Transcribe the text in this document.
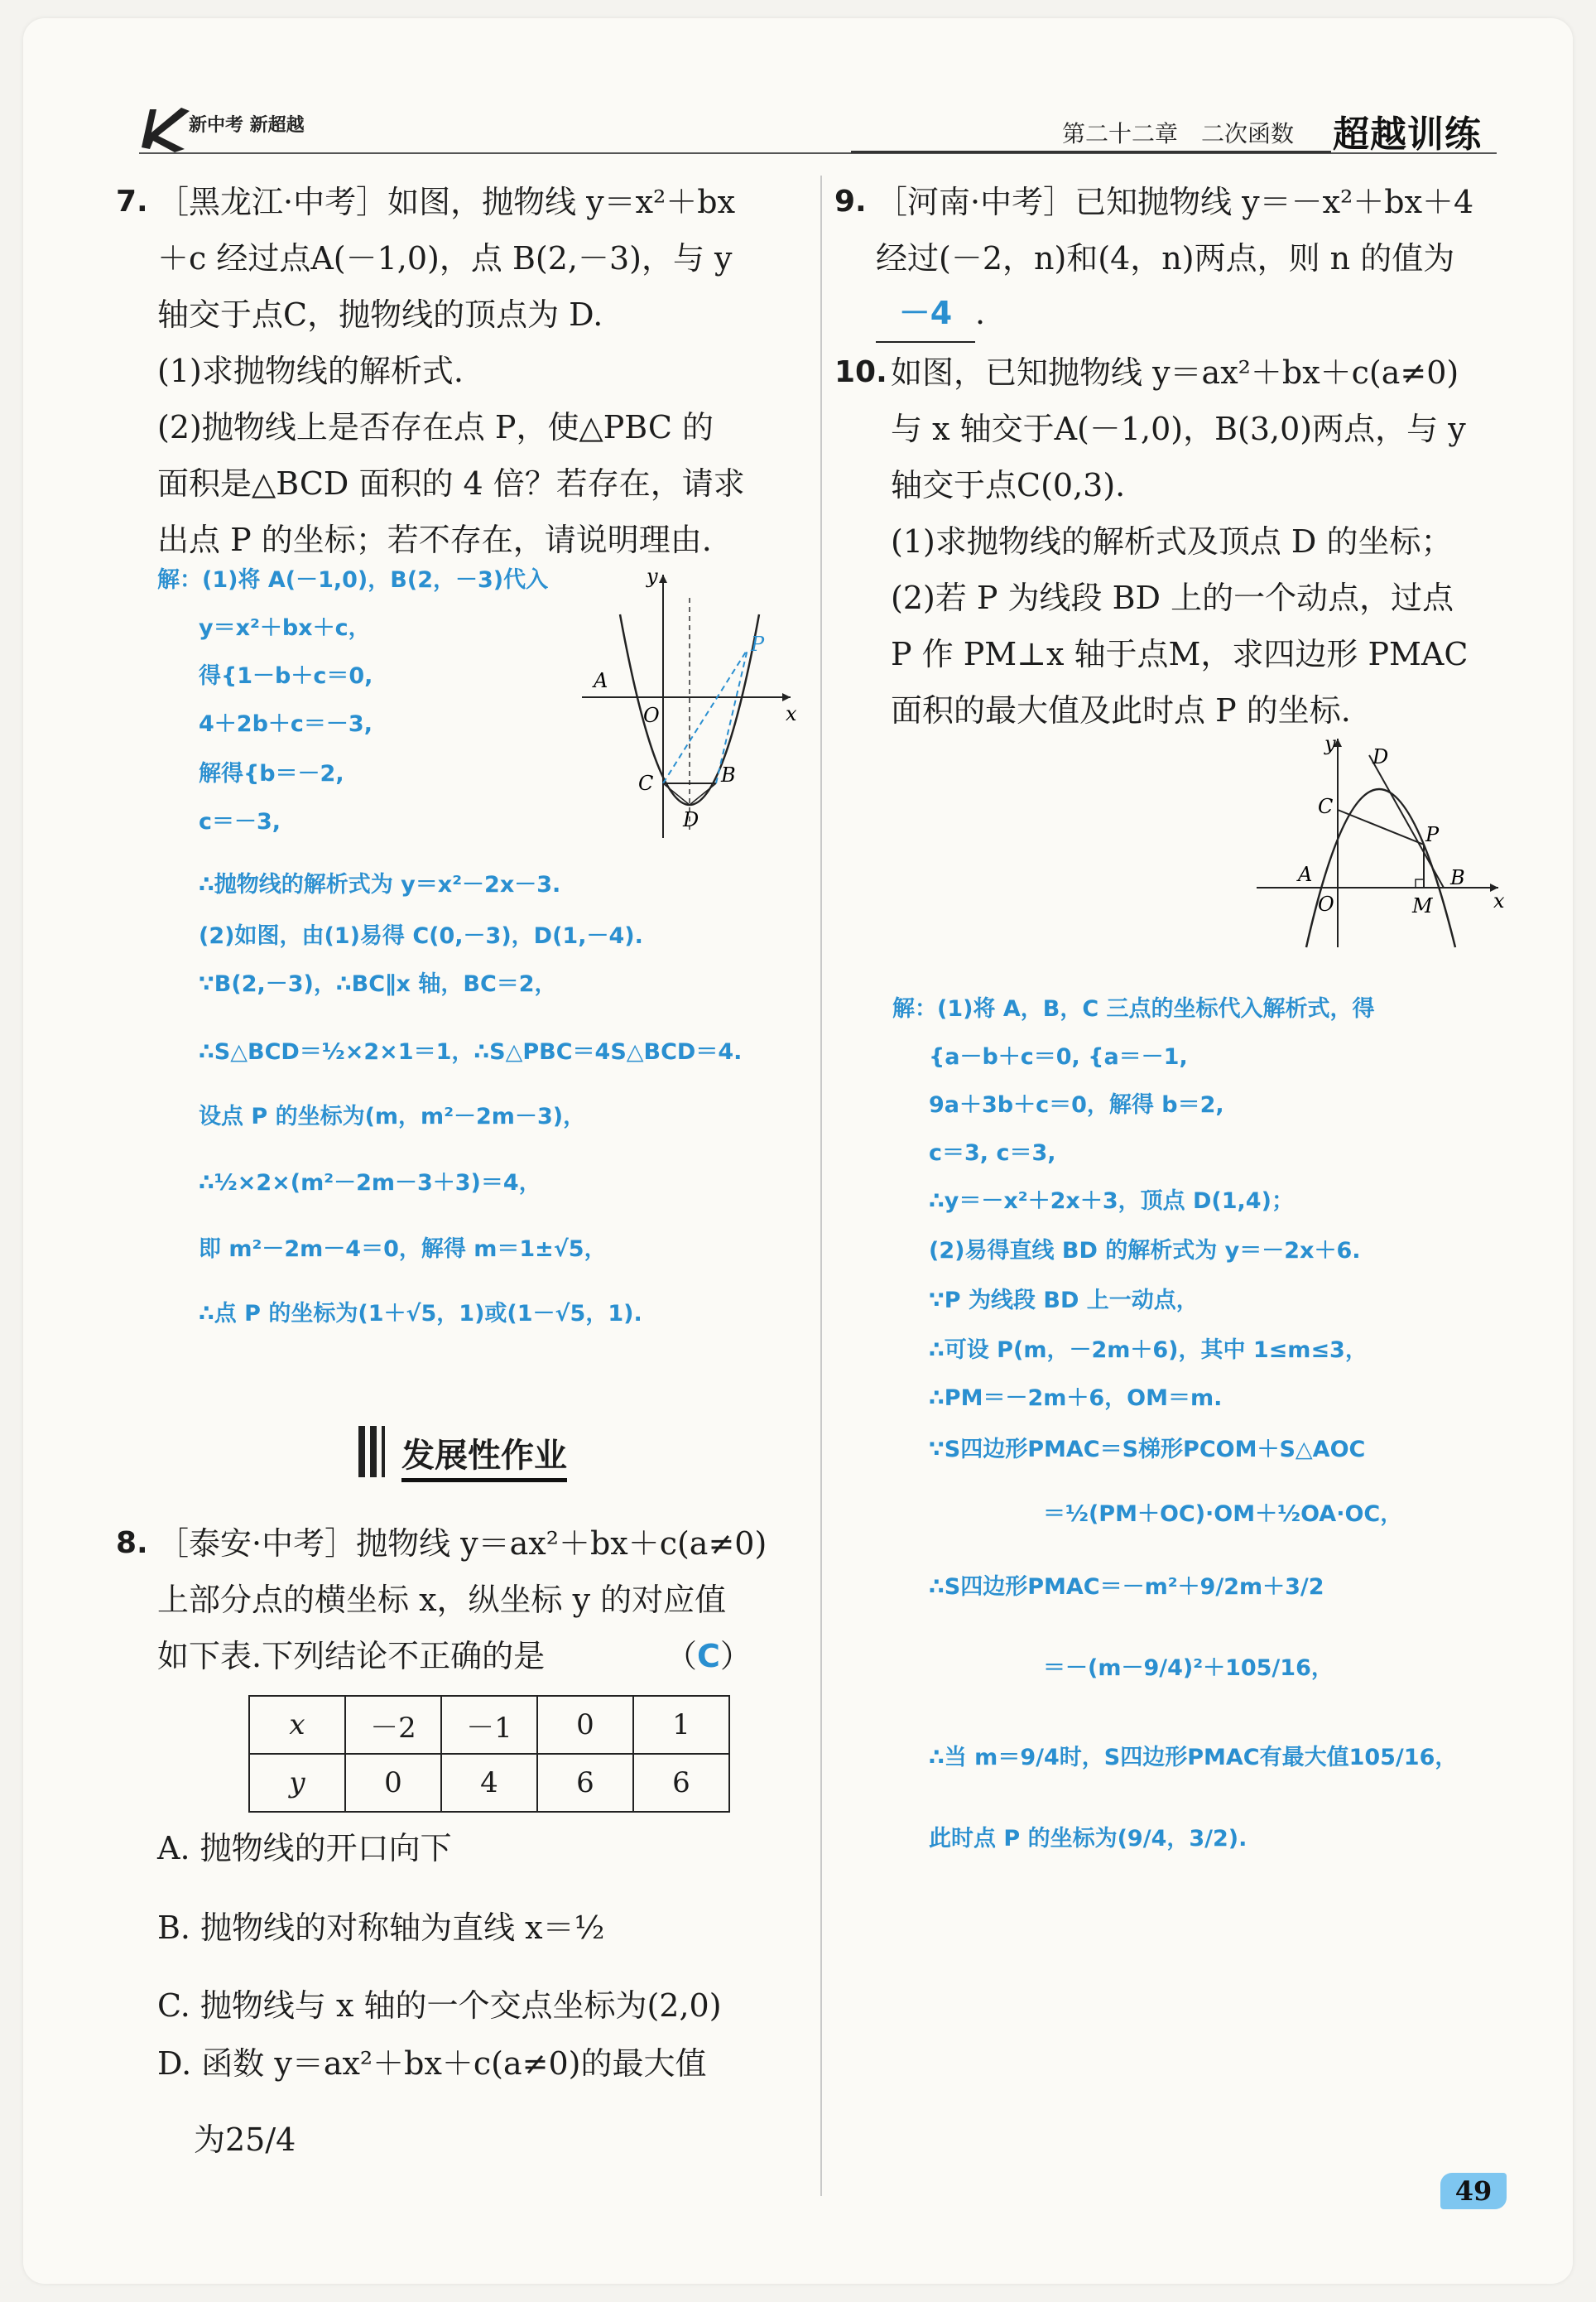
新中考 新超越	第二十二章　二次函数 超越训练
7. ［黑龙江·中考］如图，抛物线 y＝x²＋bx
＋c 经过点A(－1,0)，点 B(2,－3)，与 y
轴交于点C，抛物线的顶点为 D.
(1)求抛物线的解析式.
(2)抛物线上是否存在点 P，使△PBC 的
面积是△BCD 面积的 4 倍？若存在，请求
出点 P 的坐标；若不存在，请说明理由.
y
x
O
A
B
C
D
P
解：(1)将 A(－1,0)，B(2，－3)代入
y＝x²＋bx＋c，
得{1－b＋c＝0,
4＋2b＋c＝－3,
解得{b＝－2,
c＝－3,
∴抛物线的解析式为 y＝x²－2x－3.
(2)如图，由(1)易得 C(0,－3)，D(1,－4).
∵B(2,－3)，∴BC∥x 轴，BC＝2，
∴S△BCD＝½×2×1＝1，∴S△PBC＝4S△BCD＝4.
设点 P 的坐标为(m，m²－2m－3)，
∴½×2×(m²－2m－3＋3)＝4，
即 m²－2m－4＝0，解得 m＝1±√5，
∴点 P 的坐标为(1＋√5，1)或(1－√5，1).
发展性作业
8. ［泰安·中考］抛物线 y＝ax²＋bx＋c(a≠0)
上部分点的横坐标 x，纵坐标 y 的对应值
如下表.下列结论不正确的是	（C）
x	－2	－1	0	1
y	0	4	6	6
A. 抛物线的开口向下
B. 抛物线的对称轴为直线 x＝½
C. 抛物线与 x 轴的一个交点坐标为(2,0)
D. 函数 y＝ax²＋bx＋c(a≠0)的最大值
为25/4
9. ［河南·中考］已知抛物线 y＝－x²＋bx＋4
经过(－2，n)和(4，n)两点，则 n 的值为
－4 .
10. 如图，已知抛物线 y＝ax²＋bx＋c(a≠0)
与 x 轴交于A(－1,0)，B(3,0)两点，与 y
轴交于点C(0,3).
(1)求抛物线的解析式及顶点 D 的坐标；
(2)若 P 为线段 BD 上的一个动点，过点
P 作 PM⊥x 轴于点M，求四边形 PMAC
面积的最大值及此时点 P 的坐标.
y
x
O
A	B
C
D
P
M
解：(1)将 A，B，C 三点的坐标代入解析式，得
{a－b＋c＝0, {a＝－1,
9a＋3b＋c＝0，解得 b＝2,
c＝3, c＝3,
∴y＝－x²＋2x＋3，顶点 D(1,4)；
(2)易得直线 BD 的解析式为 y＝－2x＋6.
∵P 为线段 BD 上一动点，
∴可设 P(m，－2m＋6)，其中 1≤m≤3，
∴PM＝－2m＋6，OM＝m.
∵S四边形PMAC＝S梯形PCOM＋S△AOC
＝½(PM＋OC)·OM＋½OA·OC，
∴S四边形PMAC＝－m²＋9/2m＋3/2
＝－(m－9/4)²＋105/16，
∴当 m＝9/4时，S四边形PMAC有最大值105/16，
此时点 P 的坐标为(9/4，3/2).
49
